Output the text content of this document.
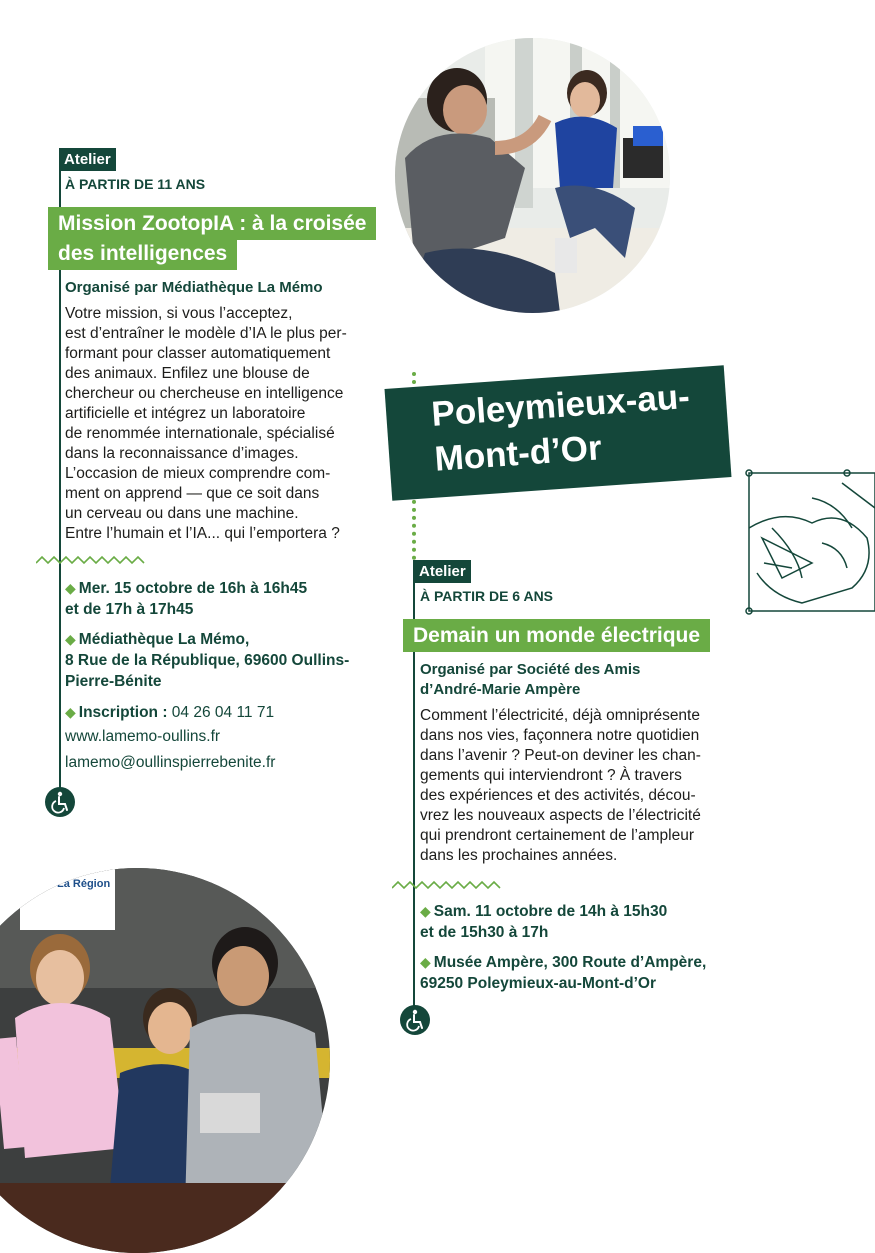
Atelier
À PARTIR DE 11 ANS
Mission ZootopIA : à la croisée
des intelligences
Organisé par Médiathèque La Mémo
Votre mission, si vous l’acceptez,
est d’entraîner le modèle d’IA le plus per-
formant pour classer automatiquement
des animaux. Enfilez une blouse de
chercheur ou chercheuse en intelligence
artificielle et intégrez un laboratoire
de renommée internationale, spécialisé
dans la reconnaissance d’images.
L’occasion de mieux comprendre com-
ment on apprend — que ce soit dans
un cerveau ou dans une machine.
Entre l’humain et l’IA... qui l’emportera ?
◆ Mer. 15 octobre de 16h à 16h45
et de 17h à 17h45
◆ Médiathèque La Mémo,
8 Rue de la République, 69600 Oullins-
Pierre-Bénite
◆ Inscription : 04 26 04 11 71
www.lamemo-oullins.fr
lamemo@oullinspierrebenite.fr
Poleymieux-au-
Mont-d’Or
Atelier
À PARTIR DE 6 ANS
Demain un monde électrique
Organisé par Société des Amis
d’André-Marie Ampère
Comment l’électricité, déjà omniprésente
dans nos vies, façonnera notre quotidien
dans l’avenir ? Peut-on deviner les chan-
gements qui interviendront ? À travers
des expériences et des activités, décou-
vrez les nouveaux aspects de l’électricité
qui prendront certainement de l’ampleur
dans les prochaines années.
◆ Sam. 11 octobre de 14h à 15h30
et de 15h30 à 17h
◆ Musée Ampère, 300 Route d’Ampère,
69250 Poleymieux-au-Mont-d’Or
La Région
